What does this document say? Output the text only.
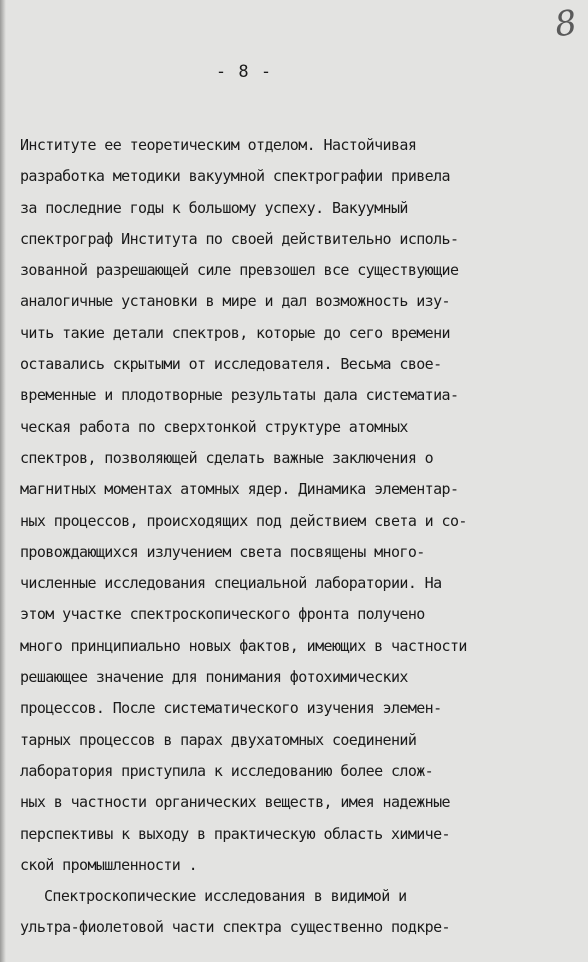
8
- 8 -
Институте ее теоретическим отделом. Настойчивая
разработка методики вакуумной спектрографии привела
за последние годы к большому успеху. Вакуумный
спектрограф Института по своей действительно исполь-
зованной разрешающей силе превзошел все существующие
аналогичные установки в мире и дал возможность изу-
чить такие детали спектров, которые до сего времени
оставались скрытыми от исследователя. Весьма свое-
временные и плодотворные результаты дала систематиа-
ческая работа по сверхтонкой структуре атомных
спектров, позволяющей сделать важные заключения о
магнитных моментах атомных ядер. Динамика элементар-
ных процессов, происходящих под действием света и со-
провождающихся излучением света посвящены много-
численные исследования специальной лаборатории. На
этом участке спектроскопического фронта получено
много принципиально новых фактов, имеющих в частности
решающее значение для понимания фотохимических
процессов. После систематического изучения элемен-
тарных процессов в парах двухатомных соединений
лаборатория приступила к исследованию более слож-
ных в частности органических веществ, имея надежные
перспективы к выходу в практическую область химиче-
ской промышленности .
Спектроскопические исследования в видимой и
ультра-фиолетовой части спектра существенно подкре-
